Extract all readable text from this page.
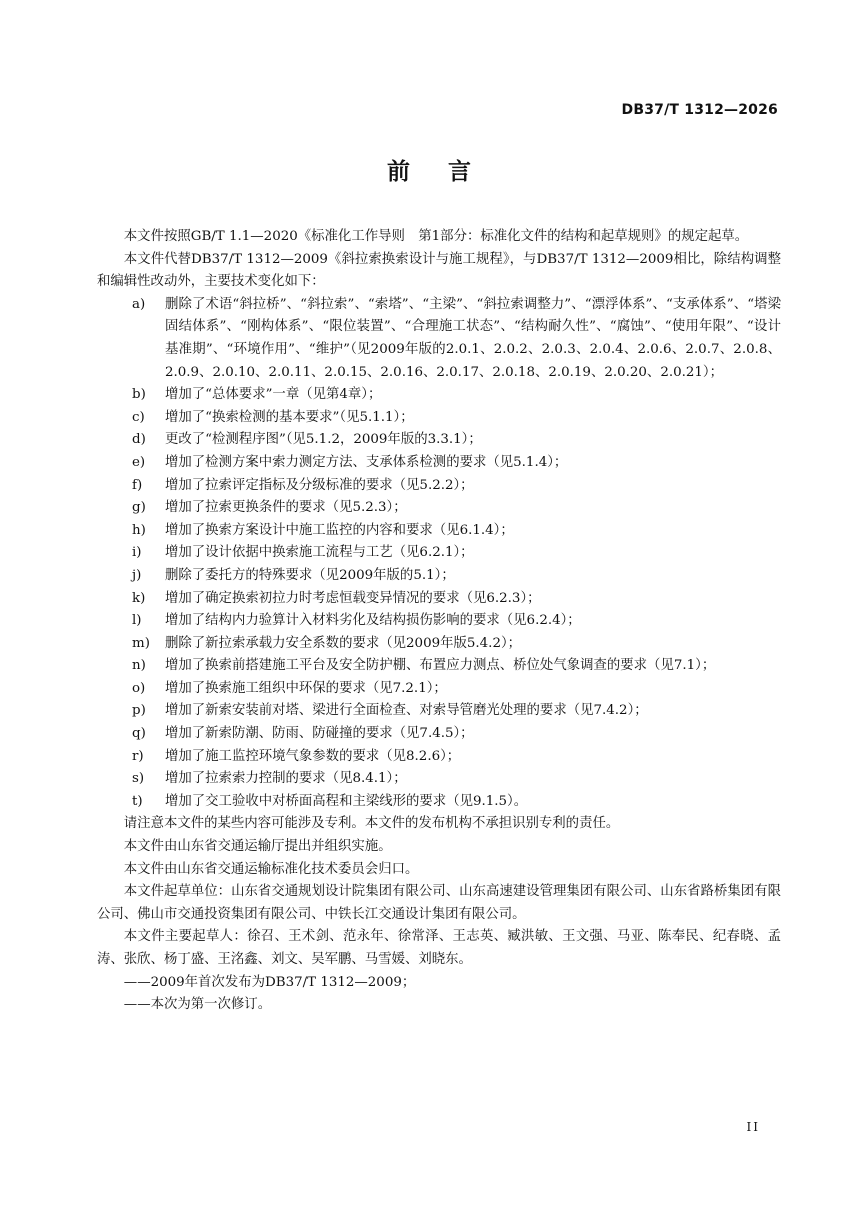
DB37/T 1312—2026
前 言

本文件按照GB/T 1.1—2020《标准化工作导则　第1部分：标准化文件的结构和起草规则》的规定起草。

本文件代替DB37/T 1312—2009《斜拉索换索设计与施工规程》，与DB37/T 1312—2009相比，除结构调整和编辑性改动外，主要技术变化如下：

a) 删除了术语“斜拉桥”、“斜拉索”、“索塔”、“主梁”、“斜拉索调整力”、“漂浮体系”、“支承体系”、“塔梁固结体系”、“刚构体系”、“限位装置”、“合理施工状态”、“结构耐久性”、“腐蚀”、“使用年限”、“设计基准期”、“环境作用”、“维护”（见2009年版的2.0.1、2.0.2、2.0.3、2.0.4、2.0.6、2.0.7、2.0.8、2.0.9、2.0.10、2.0.11、2.0.15、2.0.16、2.0.17、2.0.18、2.0.19、2.0.20、2.0.21）；
b) 增加了“总体要求”一章（见第4章）；
c) 增加了“换索检测的基本要求”（见5.1.1）；
d) 更改了“检测程序图”（见5.1.2，2009年版的3.3.1）；
e) 增加了检测方案中索力测定方法、支承体系检测的要求（见5.1.4）；
f) 增加了拉索评定指标及分级标准的要求（见5.2.2）；
g) 增加了拉索更换条件的要求（见5.2.3）；
h) 增加了换索方案设计中施工监控的内容和要求（见6.1.4）；
i) 增加了设计依据中换索施工流程与工艺（见6.2.1）；
j) 删除了委托方的特殊要求（见2009年版的5.1）；
k) 增加了确定换索初拉力时考虑恒载变异情况的要求（见6.2.3）；
l) 增加了结构内力验算计入材料劣化及结构损伤影响的要求（见6.2.4）；
m) 删除了新拉索承载力安全系数的要求（见2009年版5.4.2）；
n) 增加了换索前搭建施工平台及安全防护棚、布置应力测点、桥位处气象调查的要求（见7.1）；
o) 增加了换索施工组织中环保的要求（见7.2.1）；
p) 增加了新索安装前对塔、梁进行全面检查、对索导管磨光处理的要求（见7.4.2）；
q) 增加了新索防潮、防雨、防碰撞的要求（见7.4.5）；
r) 增加了施工监控环境气象参数的要求（见8.2.6）；
s) 增加了拉索索力控制的要求（见8.4.1）；
t) 增加了交工验收中对桥面高程和主梁线形的要求（见9.1.5）。

请注意本文件的某些内容可能涉及专利。本文件的发布机构不承担识别专利的责任。

本文件由山东省交通运输厅提出并组织实施。

本文件由山东省交通运输标准化技术委员会归口。

本文件起草单位：山东省交通规划设计院集团有限公司、山东高速建设管理集团有限公司、山东省路桥集团有限公司、佛山市交通投资集团有限公司、中铁长江交通设计集团有限公司。

本文件主要起草人：徐召、王术剑、范永年、徐常泽、王志英、臧洪敏、王文强、马亚、陈奉民、纪春晓、孟涛、张欣、杨丁盛、王洺鑫、刘文、吴军鹏、马雪媛、刘晓东。

——2009年首次发布为DB37/T 1312—2009；

——本次为第一次修订。

II
